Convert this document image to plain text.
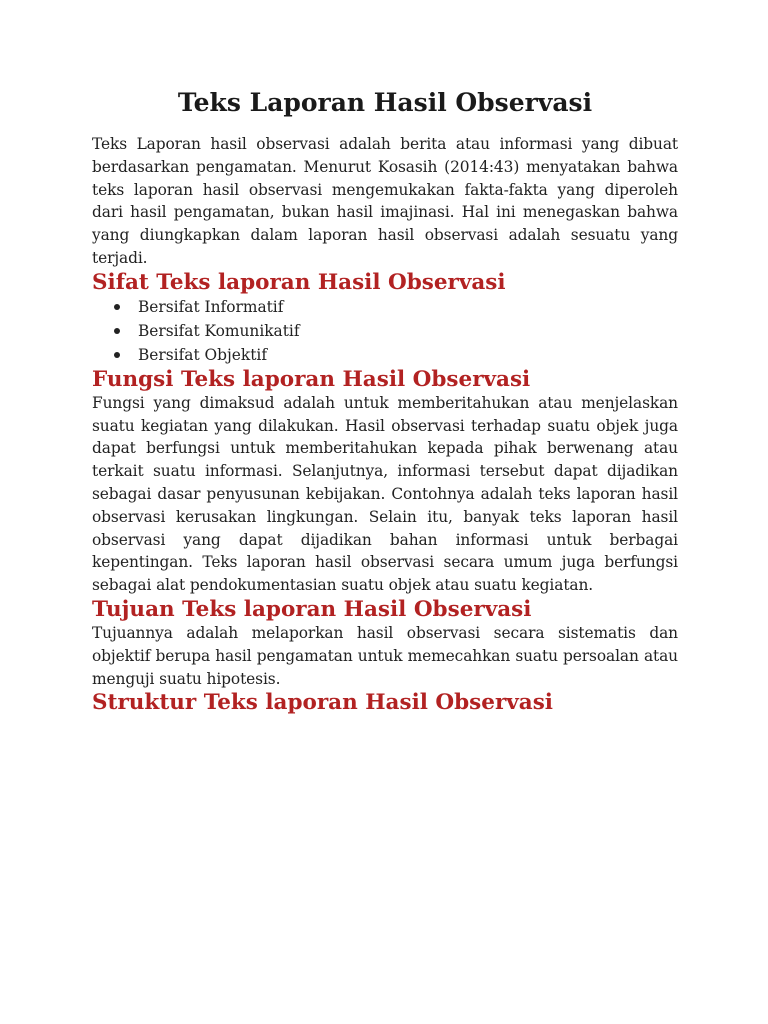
Teks Laporan Hasil Observasi

Teks Laporan hasil observasi adalah berita atau informasi yang dibuat berdasarkan pengamatan. Menurut Kosasih (2014:43) menyatakan bahwa teks laporan hasil observasi mengemukakan fakta-fakta yang diperoleh dari hasil pengamatan, bukan hasil imajinasi. Hal ini menegaskan bahwa yang diungkapkan dalam laporan hasil observasi adalah sesuatu yang terjadi.

Sifat Teks laporan Hasil Observasi
Bersifat Informatif
Bersifat Komunikatif
Bersifat Objektif
Fungsi Teks laporan Hasil Observasi

Fungsi yang dimaksud adalah untuk memberitahukan atau menjelaskan suatu kegiatan yang dilakukan. Hasil observasi terhadap suatu objek juga dapat berfungsi untuk memberitahukan kepada pihak berwenang atau terkait suatu informasi. Selanjutnya, informasi tersebut dapat dijadikan sebagai dasar penyusunan kebijakan. Contohnya adalah teks laporan hasil observasi kerusakan lingkungan. Selain itu, banyak teks laporan hasil observasi yang dapat dijadikan bahan informasi untuk berbagai kepentingan. Teks laporan hasil observasi secara umum juga berfungsi sebagai alat pendokumentasian suatu objek atau suatu kegiatan.

Tujuan Teks laporan Hasil Observasi

Tujuannya adalah melaporkan hasil observasi secara sistematis dan objektif berupa hasil pengamatan untuk memecahkan suatu persoalan atau menguji suatu hipotesis.

Struktur Teks laporan Hasil Observasi
